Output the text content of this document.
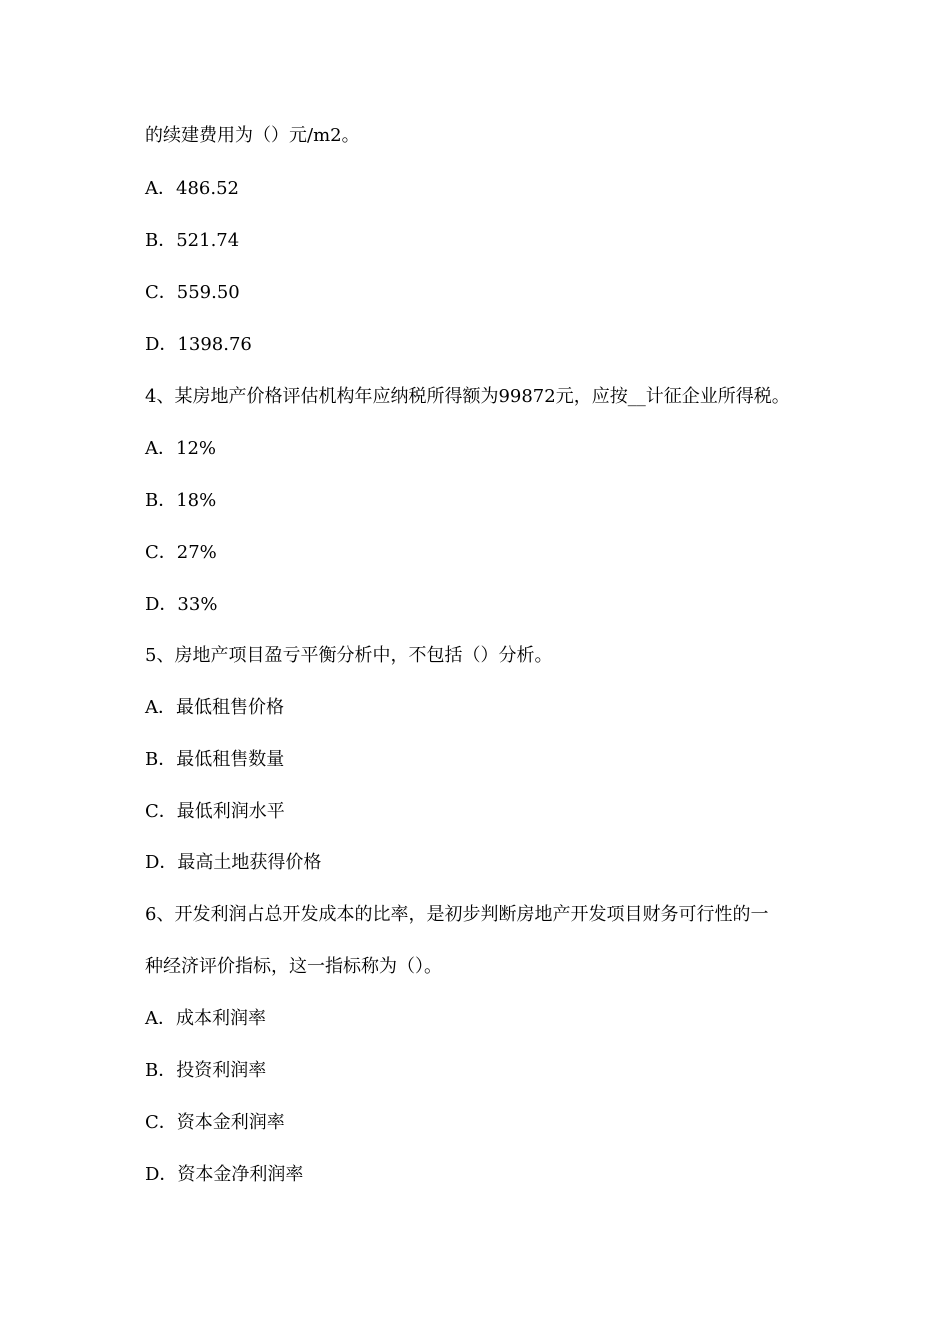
的续建费用为（）元/m2。
A．486.52
B．521.74
C．559.50
D．1398.76
4、某房地产价格评估机构年应纳税所得额为99872元，应按__计征企业所得税。
A．12%
B．18%
C．27%
D．33%
5、房地产项目盈亏平衡分析中，不包括（）分析。
A．最低租售价格
B．最低租售数量
C．最低利润水平
D．最高土地获得价格
6、开发利润占总开发成本的比率，是初步判断房地产开发项目财务可行性的一
种经济评价指标，这一指标称为（）。
A．成本利润率
B．投资利润率
C．资本金利润率
D．资本金净利润率
